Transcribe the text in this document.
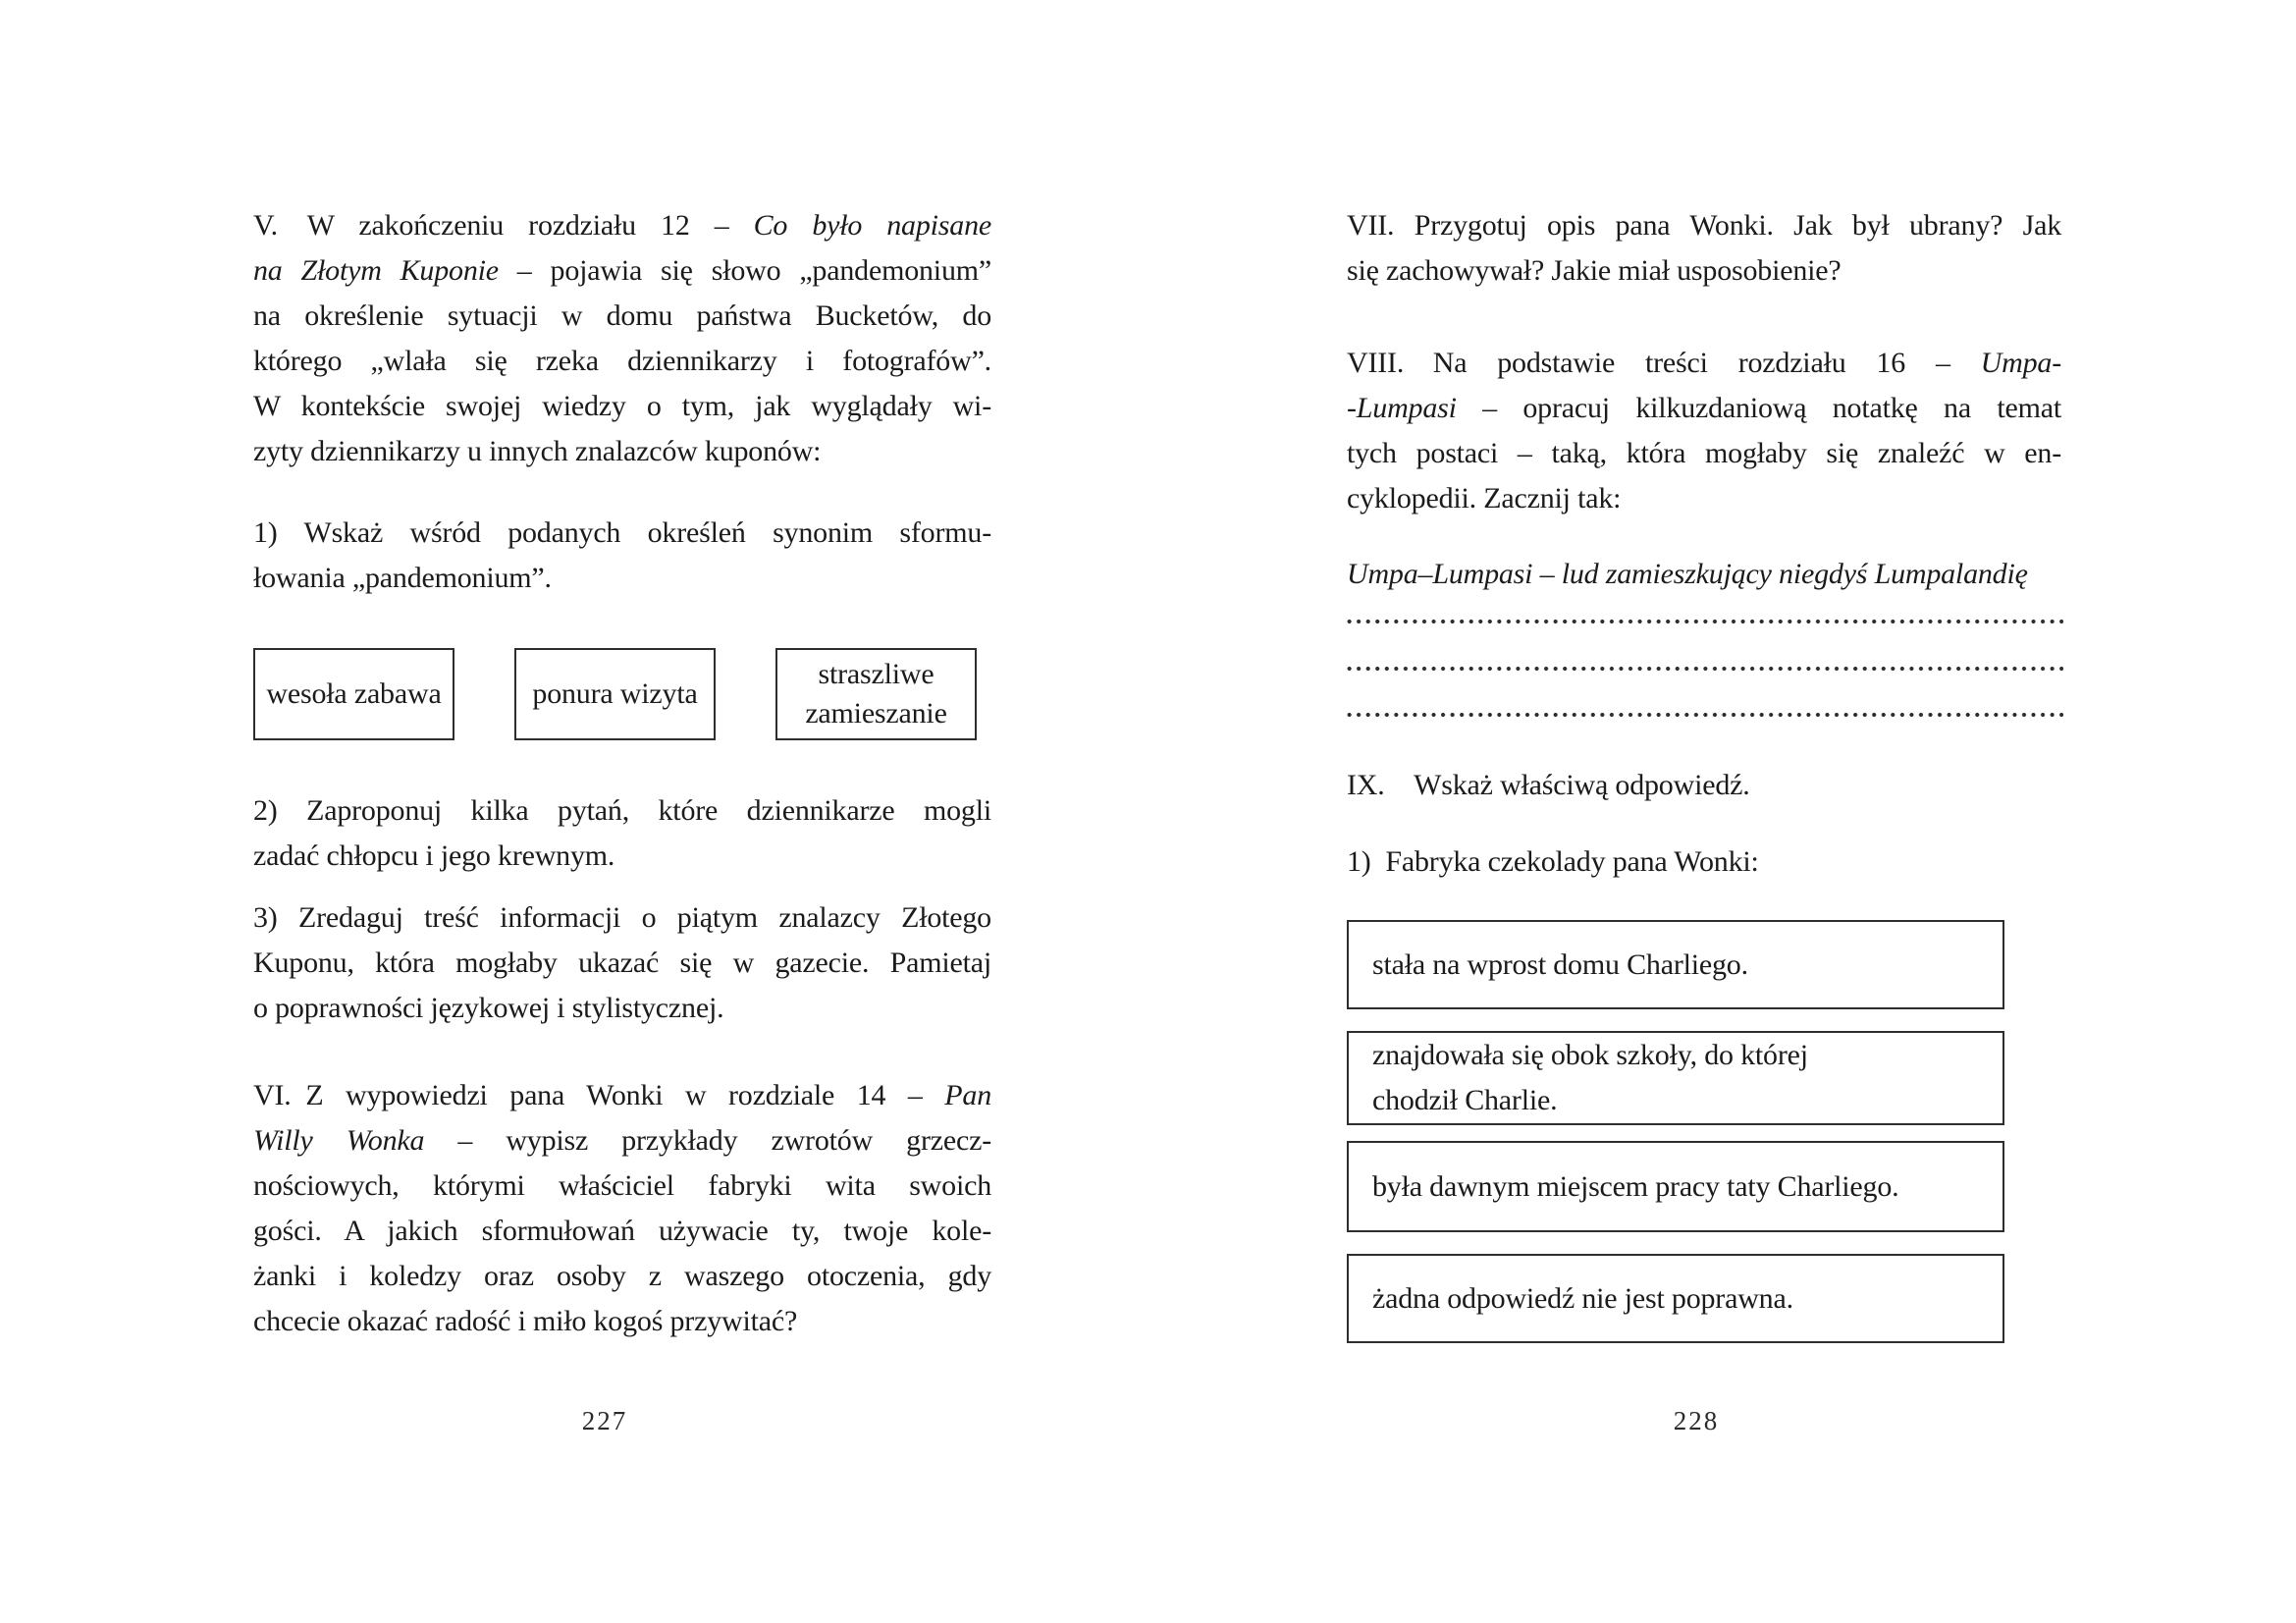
V. W zakończeniu rozdziału 12 – Co było napisane
na Złotym Kuponie – pojawia się słowo „pandemonium”
na określenie sytuacji w domu państwa Bucketów, do
którego „wlała się rzeka dziennikarzy i fotografów”.
W kontekście swojej wiedzy o tym, jak wyglądały wi-
zyty dziennikarzy u innych znalazców kuponów:
1) Wskaż wśród podanych określeń synonim sformu-
łowania „pandemonium”.
wesoła zabawa	ponura wizyta
straszliwe
zamieszanie
2) Zaproponuj kilka pytań, które dziennikarze mogli
zadać chłopcu i jego krewnym.
3) Zredaguj treść informacji o piątym znalazcy Złotego
Kuponu, która mogłaby ukazać się w gazecie. Pamietaj
o poprawności językowej i stylistycznej.
VI. Z wypowiedzi pana Wonki w rozdziale 14 – Pan
Willy Wonka – wypisz przykłady zwrotów grzecz-
nościowych, którymi właściciel fabryki wita swoich
gości. A jakich sformułowań używacie ty, twoje kole-
żanki i koledzy oraz osoby z waszego otoczenia, gdy
chcecie okazać radość i miło kogoś przywitać?
227
VII. Przygotuj opis pana Wonki. Jak był ubrany? Jak
się zachowywał? Jakie miał usposobienie?
VIII.  Na podstawie treści rozdziału 16 – Umpa-
-Lumpasi – opracuj kilkuzdaniową notatkę na temat
tych postaci – taką, która mogłaby się znaleźć w en-
cyklopedii. Zacznij tak:
Umpa–Lumpasi – lud zamieszkujący niegdyś Lumpalandię
IX.  Wskaż właściwą odpowiedź.
1) Fabryka czekolady pana Wonki:
stała na wprost domu Charliego.
znajdowała się obok szkoły, do której
chodził Charlie.
była dawnym miejscem pracy taty Charliego.
żadna odpowiedź nie jest poprawna.
228
